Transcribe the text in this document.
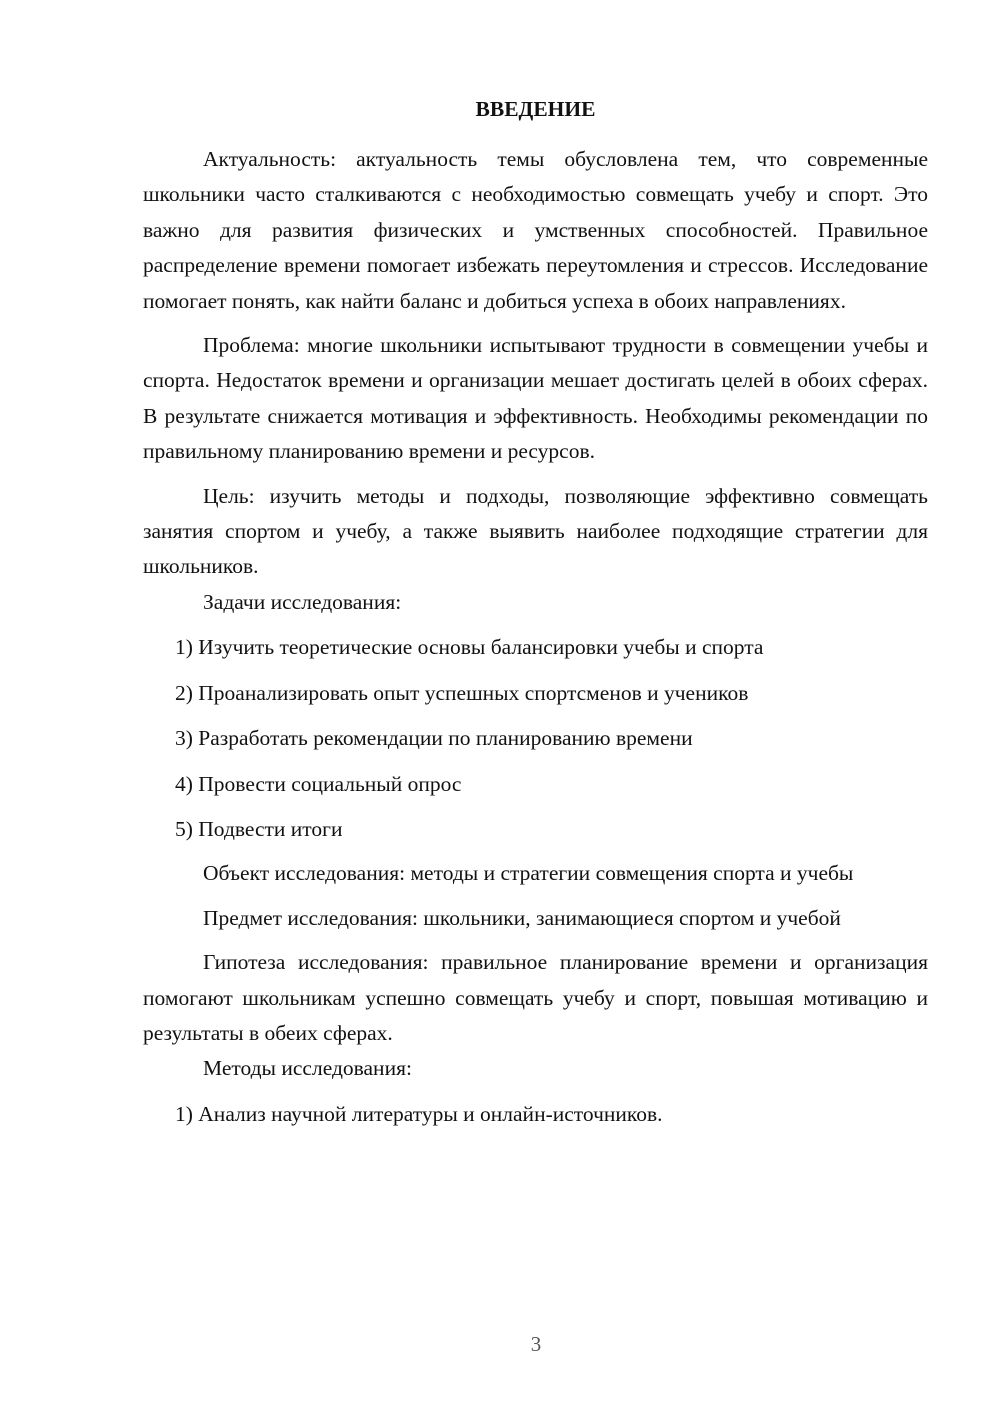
ВВЕДЕНИЕ

Актуальность: актуальность темы обусловлена тем, что современные школьники часто сталкиваются с необходимостью совмещать учебу и спорт. Это важно для развития физических и умственных способностей. Правильное распределение времени помогает избежать переутомления и стрессов. Исследование помогает понять, как найти баланс и добиться успеха в обоих направлениях.

Проблема: многие школьники испытывают трудности в совмещении учебы и спорта. Недостаток времени и организации мешает достигать целей в обоих сферах. В результате снижается мотивация и эффективность. Необходимы рекомендации по правильному планированию времени и ресурсов.

Цель: изучить методы и подходы, позволяющие эффективно совмещать занятия спортом и учебу, а также выявить наиболее подходящие стратегии для школьников.

Задачи исследования:

1) Изучить теоретические основы балансировки учебы и спорта

2) Проанализировать опыт успешных спортсменов и учеников

3) Разработать рекомендации по планированию времени

4) Провести социальный опрос

5) Подвести итоги

Объект исследования: методы и стратегии совмещения спорта и учебы

Предмет исследования: школьники, занимающиеся спортом и учебой

Гипотеза исследования: правильное планирование времени и организация помогают школьникам успешно совмещать учебу и спорт, повышая мотивацию и результаты в обеих сферах.

Методы исследования:

1) Анализ научной литературы и онлайн-источников.

3
